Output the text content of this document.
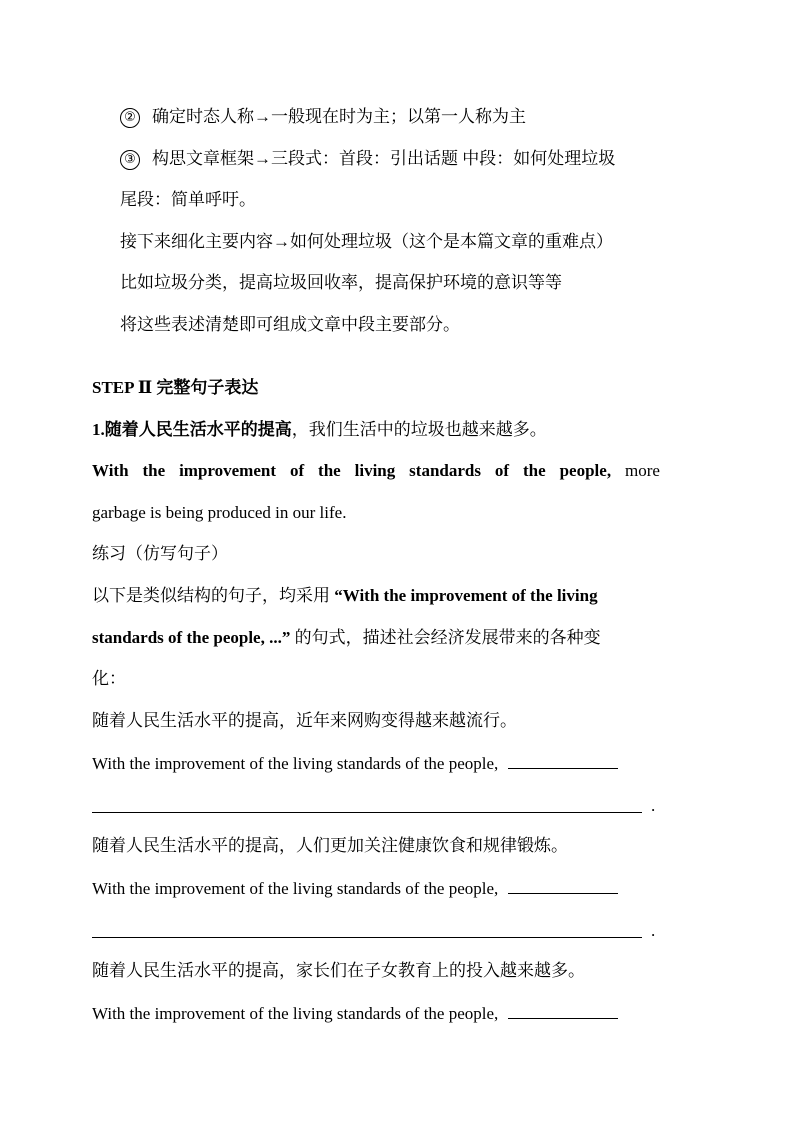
② 确定时态人称→一般现在时为主；以第一人称为主

③ 构思文章框架→三段式：首段：引出话题 中段：如何处理垃圾

尾段：简单呼吁。

接下来细化主要内容→如何处理垃圾（这个是本篇文章的重难点）

比如垃圾分类，提高垃圾回收率，提高保护环境的意识等等

将这些表述清楚即可组成文章中段主要部分。

STEP Ⅱ 完整句子表达

1.随着人民生活水平的提高，我们生活中的垃圾也越来越多。

With the improvement of the living standards of the people, more

garbage is being produced in our life.

练习（仿写句子）

以下是类似结构的句子，均采用 “With the improvement of the living

standards of the people, ...” 的句式，描述社会经济发展带来的各种变

化：

随着人民生活水平的提高，近年来网购变得越来越流行。

With the improvement of the living standards of the people,

.

随着人民生活水平的提高，人们更加关注健康饮食和规律锻炼。

With the improvement of the living standards of the people,

.

随着人民生活水平的提高，家长们在子女教育上的投入越来越多。

With the improvement of the living standards of the people,
